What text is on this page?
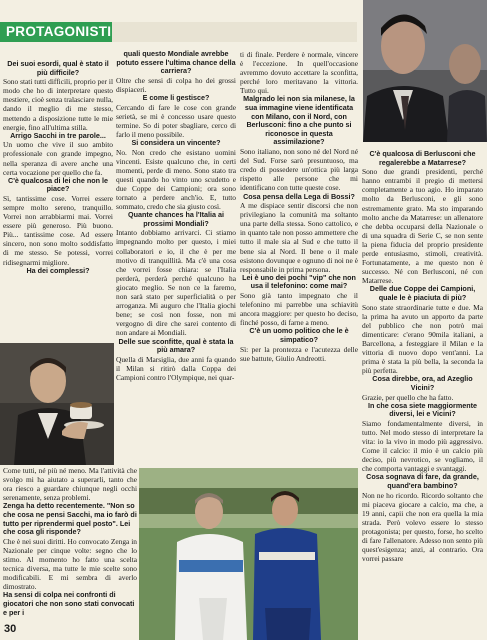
PROTAGONISTI

Dei suoi esordi, qual è stato il più difficile?

Sono stati tutti difficili, proprio per il modo che ho di interpretare questo mestiere, cioè senza tralasciare nulla, dando il meglio di me stesso, mettendo a disposizione tutte le mie energie, fino all'ultima stilla.

Arrigo Sacchi in tre parole...

Un uomo che vive il suo ambito professionale con grande impegno, nella speranza di avere anche una certa vocazione per quello che fa.

C'è qualcosa di lei che non le piace?

Sì, tantissime cose. Vorrei essere sempre molto sereno, tranquillo. Vorrei non arrabbiarmi mai. Vorrei essere più generoso. Più buono. Più... tantissime cose. Ad essere sincero, non sono molto soddisfatto di me stesso. Se potessi, vorrei ridisegnarmi migliore.

Ha dei complessi?

Come tutti, né più né meno. Ma l'attività che svolgo mi ha aiutato a superarli, tanto che ora riesco a guardare chiunque negli occhi serenamente, senza problemi.

Zenga ha detto recentemente. "Non so che cosa ne pensi Sacchi, ma io farò di tutto per riprendermi quel posto". Lei che cosa gli risponde?

Che è nei suoi diritti. Ho convocato Zenga in Nazionale per cinque volte: segno che lo stimo. Al momento ho fatto una scelta tecnica diversa, ma tutte le mie scelte sono modificabili. E mi sembra di averlo dimostrato.

Ha sensi di colpa nei confronti di giocatori che non sono stati convocati e per i

quali questo Mondiale avrebbe potuto essere l'ultima chance della carriera?

Oltre che sensi di colpa ho dei grossi dispiaceri.

E come li gestisce?

Cercando di fare le cose con grande serietà, se mi è concesso usare questo termine. So di poter sbagliare, cerco di farlo il meno possibile.

Si considera un vincente?

No. Non credo che esistano uomini vincenti. Esiste qualcuno che, in certi momenti, perde di meno. Sono stato tra questi quando ho vinto uno scudetto e due Coppe dei Campioni; ora sono tornato a perdere anch'io. E, tutto sommato, credo che sia giusto così.

Quante chances ha l'Italia ai prossimi Mondiali?

Intanto dobbiamo arrivarci. Ci stiamo impegnando molto per questo, i miei collaboratori e io, il che è per me motivo di tranquillità. Ma c'è una cosa che vorrei fosse chiara: se l'Italia perderà, perderà perché qualcuno ha giocato meglio. Se non ce la faremo, non sarà stato per superficialità o per arroganza. Mi auguro che l'Italia giochi bene; se così non fosse, non mi vergogno di dire che sarei contento di non andare ai Mondiali.

Delle sue sconfitte, qual è stata la più amara?

Quella di Marsiglia, due anni fa quando il Milan si ritirò dalla Coppa dei Campioni contro l'Olympique, nei quar-

ti di finale. Perdere è normale, vincere è l'eccezione. In quell'occasione avremmo dovuto accettare la sconfitta, perché loro meritavano la vittoria. Tutto qui.

Malgrado lei non sia milanese, la sua immagine viene identificata con Milano, con il Nord, con Berlusconi: fino a che punto si riconosce in questa assimilazione?

Sono italiano, non sono né del Nord né del Sud. Forse sarò presuntuoso, ma credo di possedere un'ottica più larga rispetto alle persone che mi identificano con tutte queste cose.

Cosa pensa della Lega di Bossi?

A me dispiace sentir discorsi che non privilegiano la comunità ma soltanto una parte della stessa. Sono cattolico, e in quanto tale non posso ammettere che tutto il male sia al Sud e che tutto il bene sia al Nord. Il bene o il male esistono dovunque e ognuno di noi ne è responsabile in prima persona.

Lei è uno dei pochi "vip" che non usa il telefonino: come mai?

Sono già tanto impegnato che il telefonino mi parrebbe una schiavitù ancora maggiore: per questo ho deciso, finché posso, di farne a meno.

C'è un uomo politico che le è simpatico?

Sì: per la prontezza e l'acutezza delle sue battute, Giulio Andreotti.

C'è qualcosa di Berlusconi che regalerebbe a Matarrese?

Sono due grandi presidenti, perché hanno entrambi il pregio di mettersi completamente a tuo agio. Ho imparato molto da Berlusconi, e gli sono estremamente grato. Ma sto imparando molto anche da Matarrese: un allenatore che debba occuparsi della Nazionale o di una squadra di Serie C, se non sente la piena fiducia del proprio presidente perde entusiasmo, stimoli, creatività. Fortunatamente, a me questo non è successo. Né con Berlusconi, né con Matarrese.

Delle due Coppe dei Campioni, quale le è piaciuta di più?

Sono state straordinarie tutte e due. Ma la prima ha avuto un apporto da parte del pubblico che non potrò mai dimenticare: c'erano 90mila italiani, a Barcellona, a festeggiare il Milan e la vittoria di nuovo dopo vent'anni. La prima è stata la più bella, la seconda la più perfetta.

Cosa direbbe, ora, ad Azeglio Vicini?

Grazie, per quello che ha fatto.

In che cosa siete maggiormente diversi, lei e Vicini?

Siamo fondamentalmente diversi, in tutto. Nel modo stesso di interpretare la vita: io la vivo in modo più aggressivo. Come il calcio: il mio è un calcio più deciso, più nevrotico, se vogliamo, il che comporta vantaggi e svantaggi.

Cosa sognava di fare, da grande, quand'era bambino?

Non ne ho ricordo. Ricordo soltanto che mi piaceva giocare a calcio, ma che, a 19 anni, capii che non era quella la mia strada. Però volevo essere lo stesso protagonista; per questo, forse, ho scelto di fare l'allenatore. Adesso non sento più quest'esigenza; anzi, al contrario. Ora vorrei passare

30
